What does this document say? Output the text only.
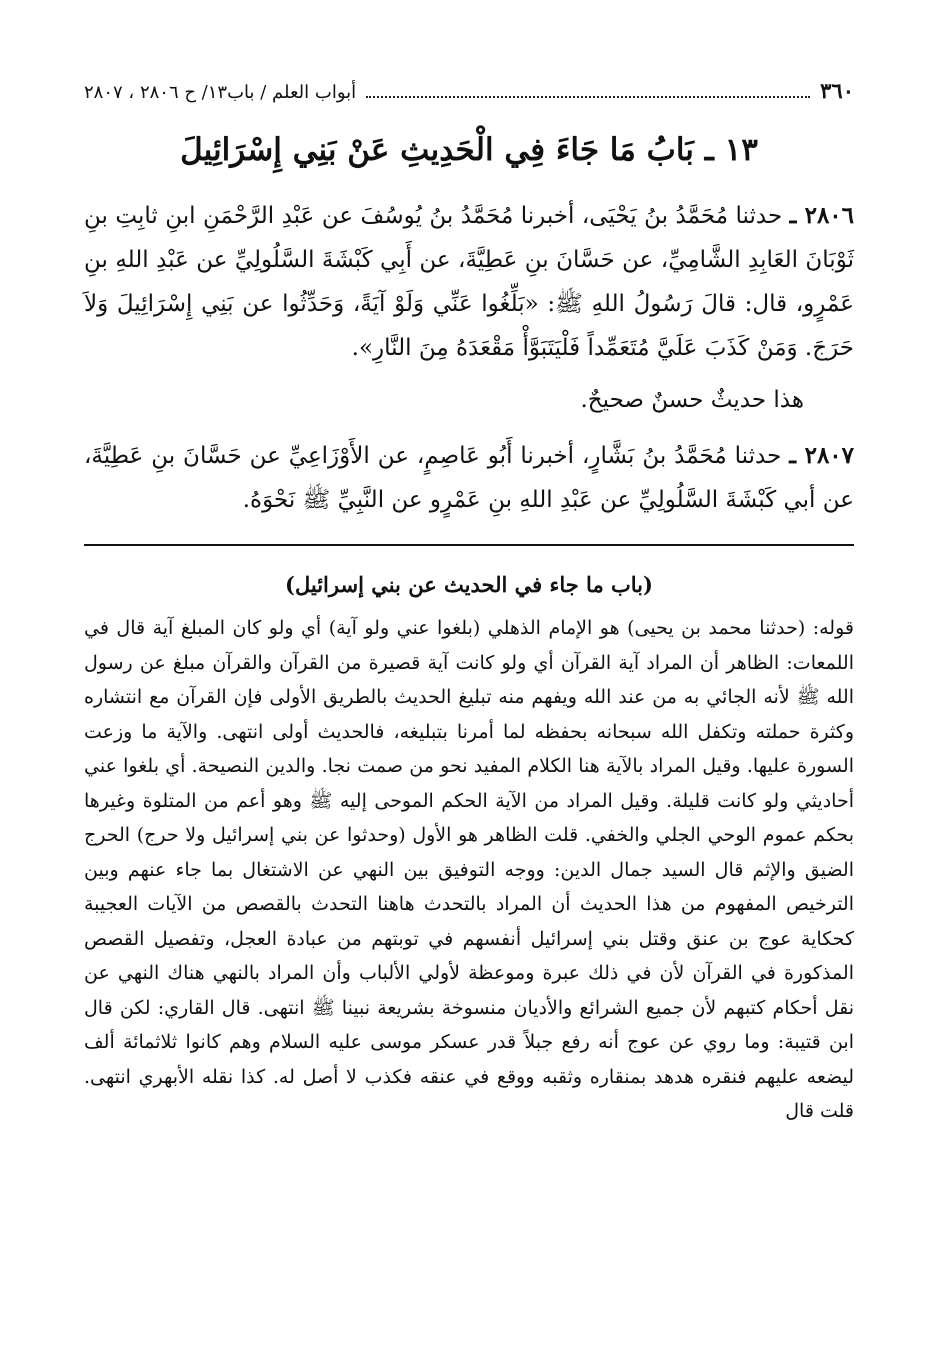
٣٦٠
أبواب العلم / باب١٣/ ح ٢٨٠٦ ، ٢٨٠٧
١٣ ـ بَابُ مَا جَاءَ فِي الْحَدِيثِ عَنْ بَنِي إِسْرَائِيلَ

٢٨٠٦ ـ حدثنا مُحَمَّدُ بنُ يَحْيَى، أخبرنا مُحَمَّدُ بنُ يُوسُفَ عن عَبْدِ الرَّحْمَنِ ابنِ ثابِتِ بنِ ثَوْبَانَ العَابِدِ الشَّامِيِّ، عن حَسَّانَ بنِ عَطِيَّةَ، عن أَبِي كَبْشَةَ السَّلُولِيِّ عن عَبْدِ اللهِ بنِ عَمْرٍو، قال: قالَ رَسُولُ اللهِ ﷺ: «بَلِّغُوا عَنِّي وَلَوْ آيَةً، وَحَدِّثُوا عن بَنِي إِسْرَائِيلَ وَلاَ حَرَجَ. وَمَنْ كَذَبَ عَلَيَّ مُتَعَمِّداً فَلْيَتَبَوَّأْ مَقْعَدَهُ مِنَ النَّارِ».

هذا حديثٌ حسنٌ صحيحٌ.

٢٨٠٧ ـ حدثنا مُحَمَّدُ بنُ بَشَّارٍ، أخبرنا أَبُو عَاصِمٍ، عن الأَوْزَاعِيِّ عن حَسَّانَ بنِ عَطِيَّةَ، عن أبي كَبْشَةَ السَّلُولِيِّ عن عَبْدِ اللهِ بنِ عَمْرٍو عن النَّبِيِّ ﷺ نَحْوَهُ.

(باب ما جاء في الحديث عن بني إسرائيل)

قوله: (حدثنا محمد بن يحيى) هو الإمام الذهلي (بلغوا عني ولو آية) أي ولو كان المبلغ آية قال في اللمعات: الظاهر أن المراد آية القرآن أي ولو كانت آية قصيرة من القرآن والقرآن مبلغ عن رسول الله ﷺ لأنه الجائي به من عند الله ويفهم منه تبليغ الحديث بالطريق الأولى فإن القرآن مع انتشاره وكثرة حملته وتكفل الله سبحانه بحفظه لما أمرنا بتبليغه، فالحديث أولى انتهى. والآية ما وزعت السورة عليها. وقيل المراد بالآية هنا الكلام المفيد نحو من صمت نجا. والدين النصيحة. أي بلغوا عني أحاديثي ولو كانت قليلة. وقيل المراد من الآية الحكم الموحى إليه ﷺ وهو أعم من المتلوة وغيرها بحكم عموم الوحي الجلي والخفي. قلت الظاهر هو الأول (وحدثوا عن بني إسرائيل ولا حرج) الحرج الضيق والإثم قال السيد جمال الدين: ووجه التوفيق بين النهي عن الاشتغال بما جاء عنهم وبين الترخيص المفهوم من هذا الحديث أن المراد بالتحدث هاهنا التحدث بالقصص من الآيات العجيبة كحكاية عوج بن عنق وقتل بني إسرائيل أنفسهم في توبتهم من عبادة العجل، وتفصيل القصص المذكورة في القرآن لأن في ذلك عبرة وموعظة لأولي الألباب وأن المراد بالنهي هناك النهي عن نقل أحكام كتبهم لأن جميع الشرائع والأديان منسوخة بشريعة نبينا ﷺ انتهى. قال القاري: لكن قال ابن قتيبة: وما روي عن عوج أنه رفع جبلاً قدر عسكر موسى عليه السلام وهم كانوا ثلاثمائة ألف ليضعه عليهم فنقره هدهد بمنقاره وثقبه ووقع في عنقه فكذب لا أصل له. كذا نقله الأبهري انتهى. قلت قال
